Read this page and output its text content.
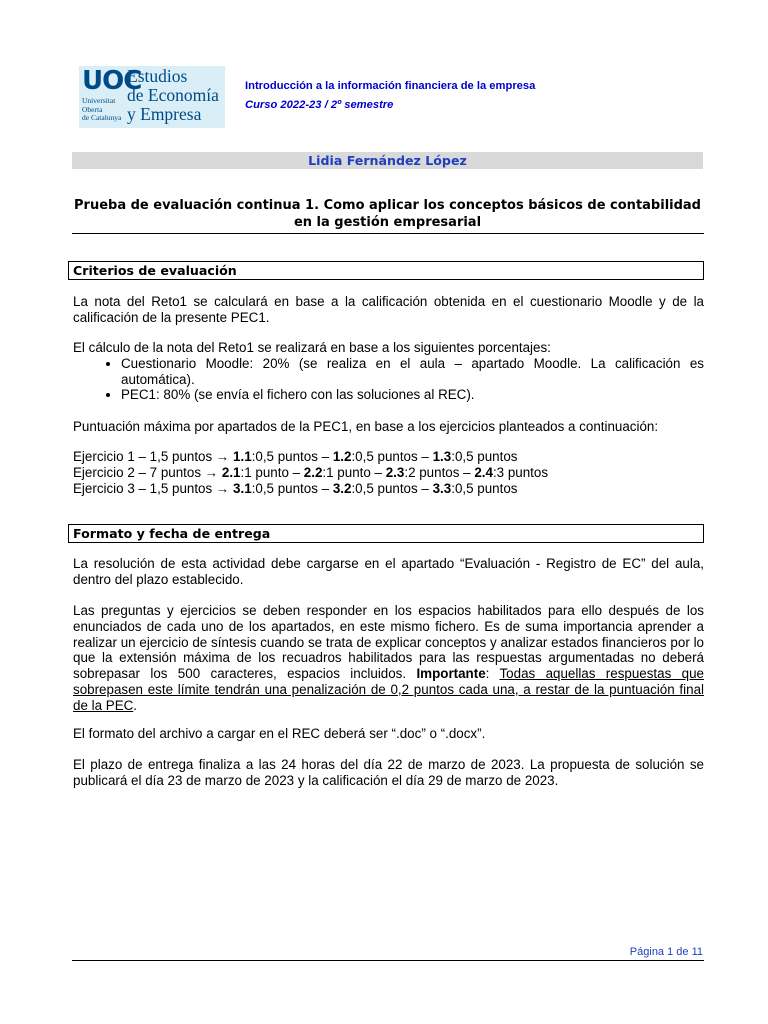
UOC
Universitat
Oberta
de Catalunya
Estudios
de Economía
y Empresa
Introducción a la información financiera de la empresa
Curso 2022-23 / 2º semestre
Lidia Fernández López
Prueba de evaluación continua 1. Como aplicar los conceptos básicos de contabilidad en la gestión empresarial
Criterios de evaluación
La nota del Reto1 se calculará en base a la calificación obtenida en el cuestionario Moodle y de la calificación de la presente PEC1.
El cálculo de la nota del Reto1 se realizará en base a los siguientes porcentajes:
• Cuestionario Moodle: 20% (se realiza en el aula – apartado Moodle. La calificación es automática).
• PEC1: 80% (se envía el fichero con las soluciones al REC).
Puntuación máxima por apartados de la PEC1, en base a los ejercicios planteados a continuación:
Ejercicio 1 – 1,5 puntos → 1.1:0,5 puntos – 1.2:0,5 puntos – 1.3:0,5 puntos
Ejercicio 2 – 7 puntos → 2.1:1 punto – 2.2:1 punto – 2.3:2 puntos – 2.4:3 puntos
Ejercicio 3 – 1,5 puntos → 3.1:0,5 puntos – 3.2:0,5 puntos – 3.3:0,5 puntos
Formato y fecha de entrega
La resolución de esta actividad debe cargarse en el apartado “Evaluación - Registro de EC” del aula, dentro del plazo establecido.
Las preguntas y ejercicios se deben responder en los espacios habilitados para ello después de los enunciados de cada uno de los apartados, en este mismo fichero. Es de suma importancia aprender a realizar un ejercicio de síntesis cuando se trata de explicar conceptos y analizar estados financieros por lo que la extensión máxima de los recuadros habilitados para las respuestas argumentadas no deberá sobrepasar los 500 caracteres, espacios incluidos. Importante: Todas aquellas respuestas que sobrepasen este límite tendrán una penalización de 0,2 puntos cada una, a restar de la puntuación final de la PEC.
El formato del archivo a cargar en el REC deberá ser “.doc” o “.docx”.
El plazo de entrega finaliza a las 24 horas del día 22 de marzo de 2023. La propuesta de solución se publicará el día 23 de marzo de 2023 y la calificación el día 29 de marzo de 2023.
Página 1 de 11
